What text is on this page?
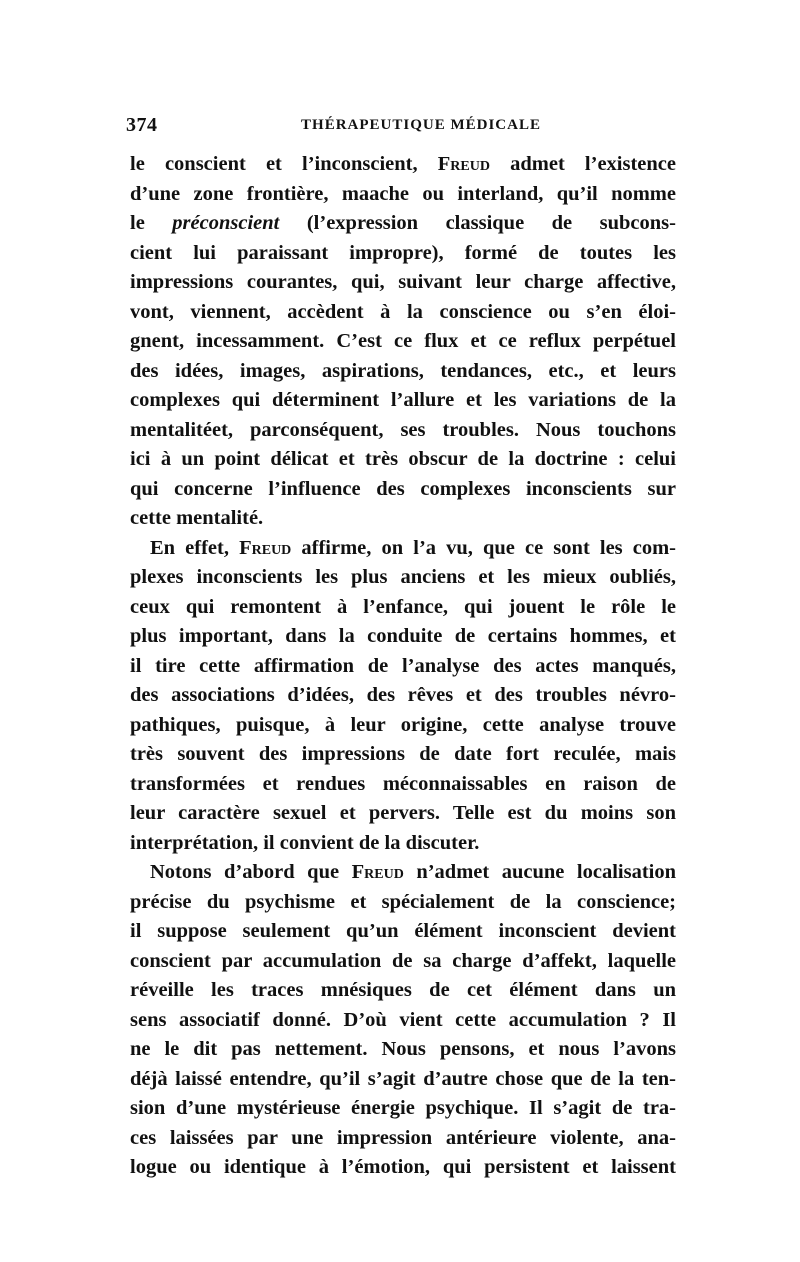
374	THÉRAPEUTIQUE MÉDICALE
le conscient et l’inconscient, Freud admet l’existence
d’une zone frontière, maache ou interland, qu’il nomme
le préconscient (l’expression classique de subcons-
cient lui paraissant impropre), formé de toutes les
impressions courantes, qui, suivant leur charge affective,
vont, viennent, accèdent à la conscience ou s’en éloi-
gnent, incessamment. C’est ce flux et ce reflux perpétuel
des idées, images, aspirations, tendances, etc., et leurs
complexes qui déterminent l’allure et les variations de la
mentalitéet, parconséquent, ses troubles. Nous touchons
ici à un point délicat et très obscur de la doctrine : celui
qui concerne l’influence des complexes inconscients sur
cette mentalité.
En effet, Freud affirme, on l’a vu, que ce sont les com-
plexes inconscients les plus anciens et les mieux oubliés,
ceux qui remontent à l’enfance, qui jouent le rôle le
plus important, dans la conduite de certains hommes, et
il tire cette affirmation de l’analyse des actes manqués,
des associations d’idées, des rêves et des troubles névro-
pathiques, puisque, à leur origine, cette analyse trouve
très souvent des impressions de date fort reculée, mais
transformées et rendues méconnaissables en raison de
leur caractère sexuel et pervers. Telle est du moins son
interprétation, il convient de la discuter.
Notons d’abord que Freud n’admet aucune localisation
précise du psychisme et spécialement de la conscience;
il suppose seulement qu’un élément inconscient devient
conscient par accumulation de sa charge d’affekt, laquelle
réveille les traces mnésiques de cet élément dans un
sens associatif donné. D’où vient cette accumulation ? Il
ne le dit pas nettement. Nous pensons, et nous l’avons
déjà laissé entendre, qu’il s’agit d’autre chose que de la ten-
sion d’une mystérieuse énergie psychique. Il s’agit de tra-
ces laissées par une impression antérieure violente, ana-
logue ou identique à l’émotion, qui persistent et laissent
